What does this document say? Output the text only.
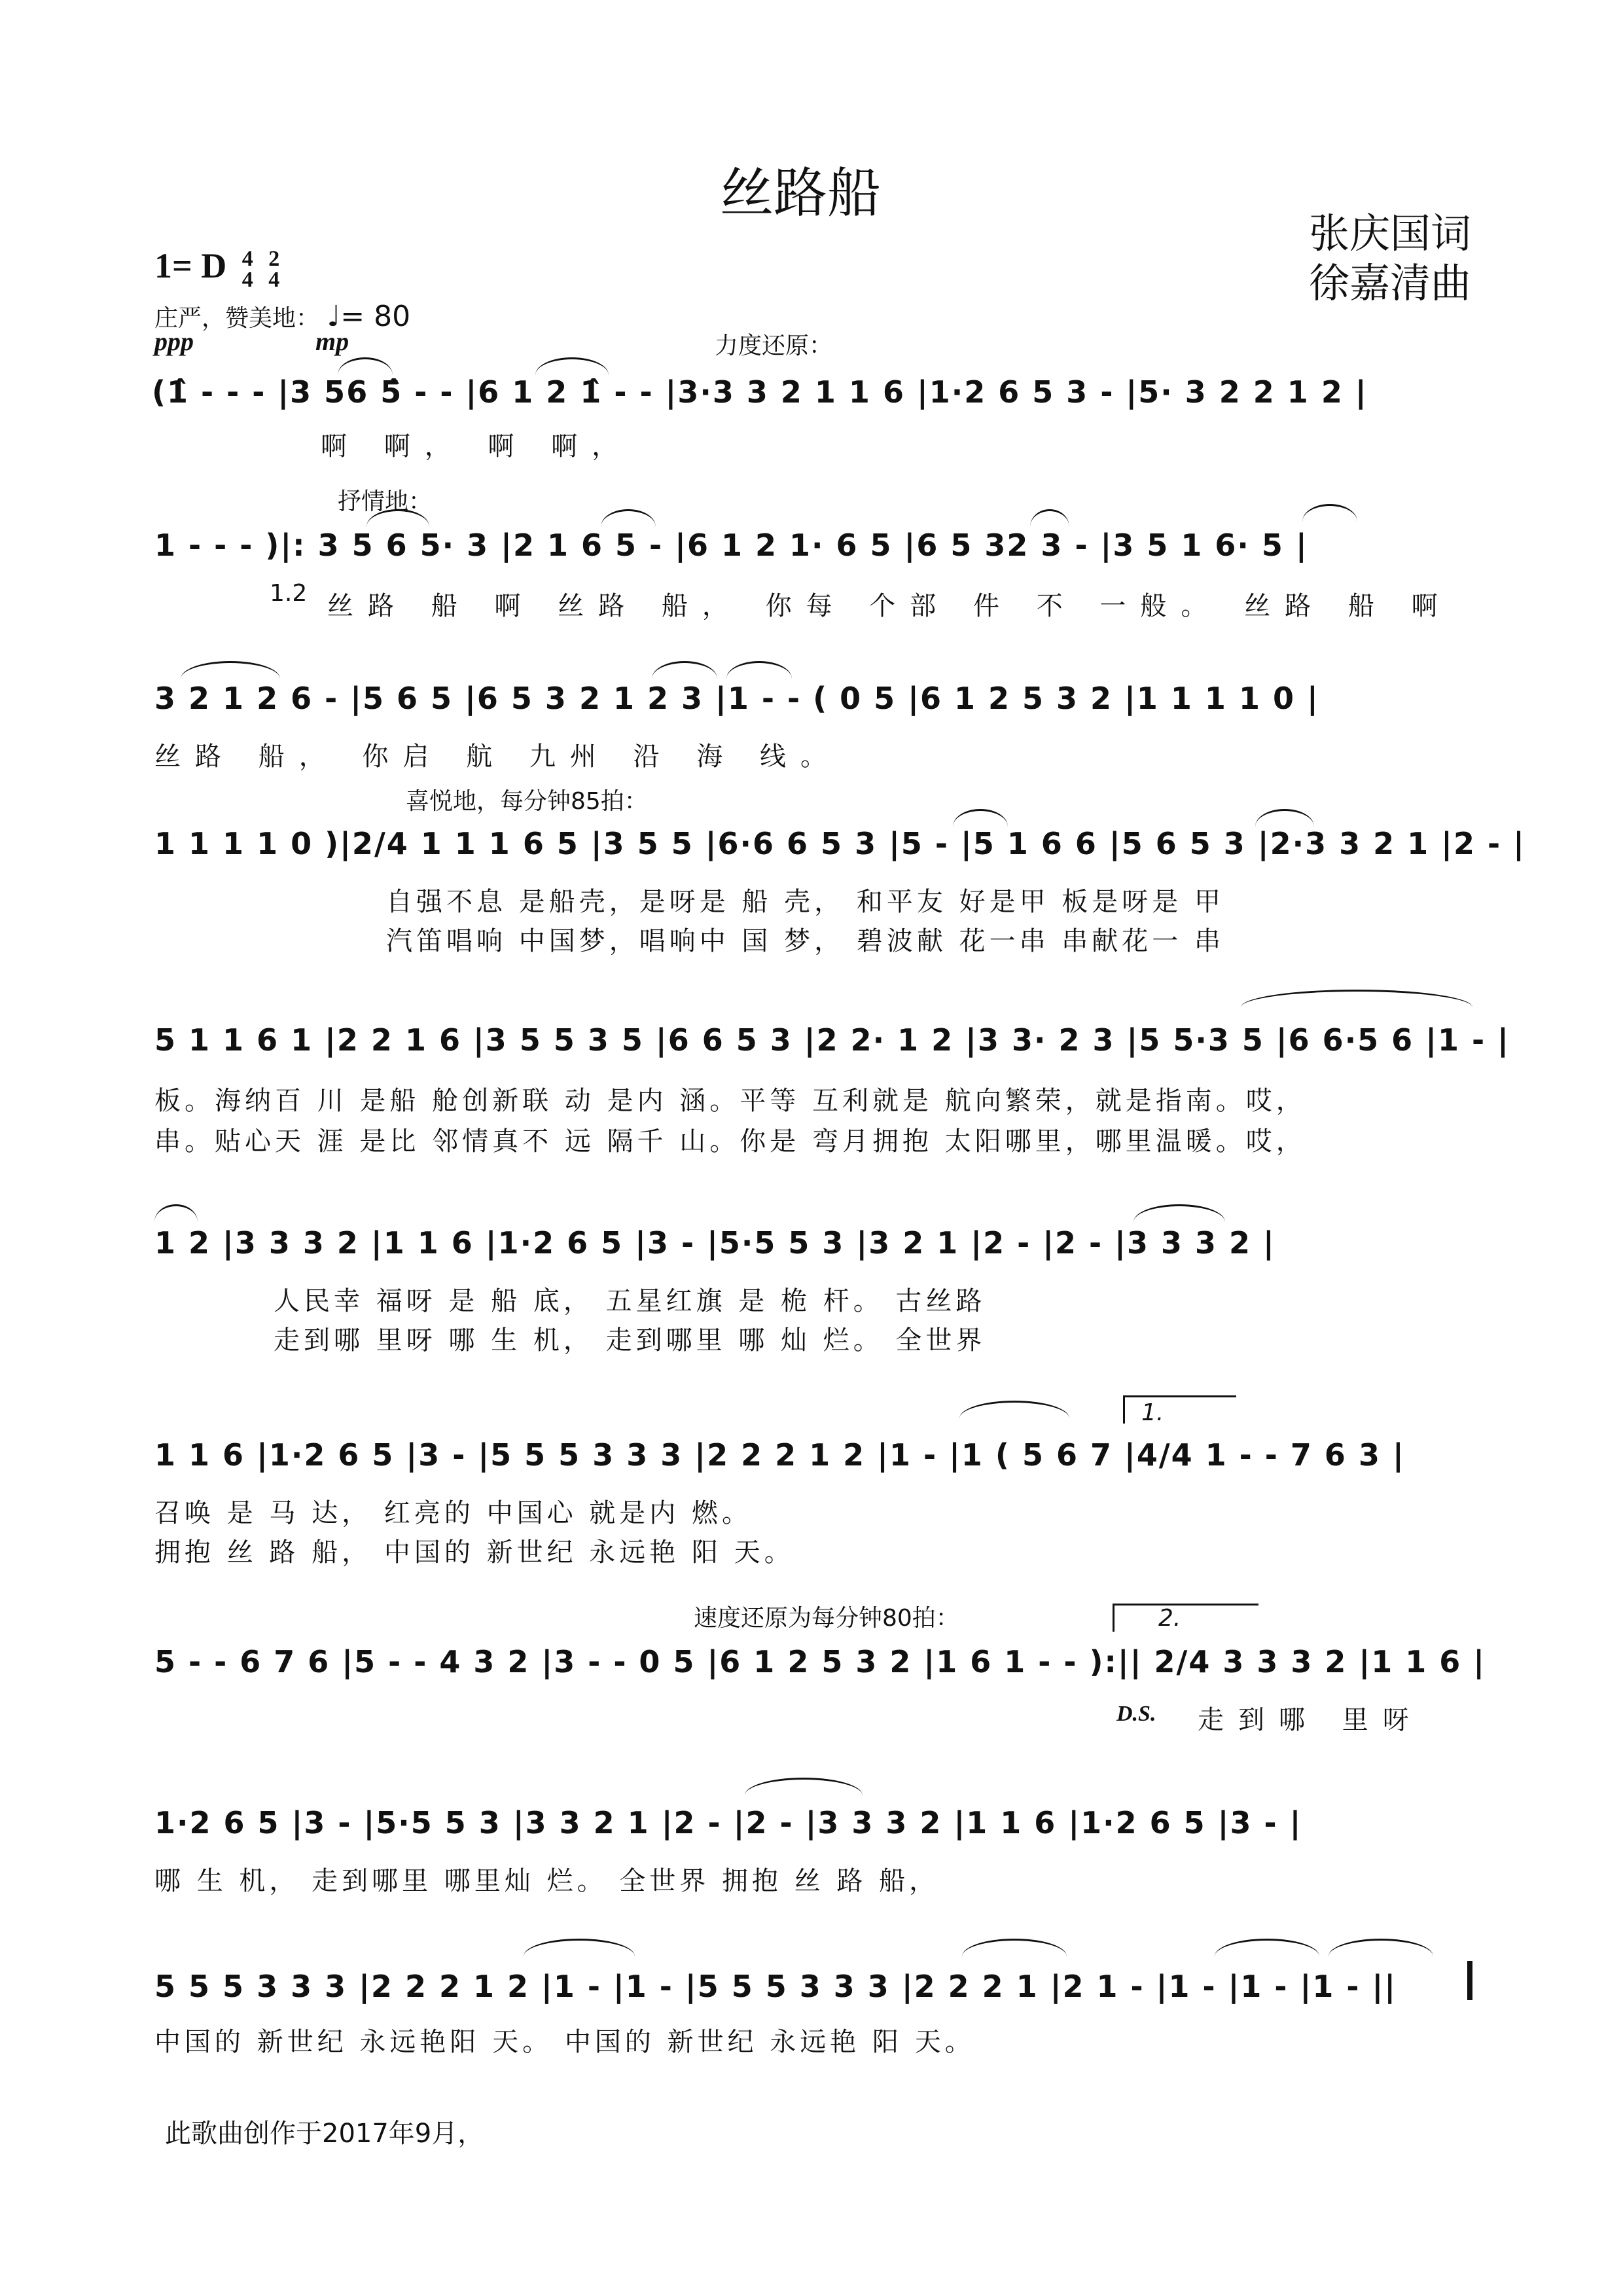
丝路船
张庆国词
徐嘉清曲
1= D 4
4 2
4
庄严，赞美地： ♩= 80
ppp	mp	力度还原：
(1̂ - - - |3 56 5̂ - - |6 1 2 1̂ - - |3·3 3 2 1 1 6 |1·2 6 5 3 - |5· 3 2 2 1 2 |
啊 啊， 啊 啊，
抒情地：
1 - - - )|: 3 5 6 5· 3 |2 1 6 5 - |6 1 2 1· 6 5 |6 5 32 3 - |3 5 1 6· 5 |
1.2 丝路 船 啊 丝路 船， 你每 个部 件 不 一般。 丝路 船 啊
3 2 1 2 6 - |5 6 5 |6 5 3 2 1 2 3 |1 - - ( 0 5 |6 1 2 5 3 2 |1 1 1 1 0 |
丝路 船， 你启 航 九州 沿 海 线。
喜悦地，每分钟85拍：
1 1 1 1 0 )|2/4 1 1 1 6 5 |3 5 5 |6·6 6 5 3 |5 - |5 1 6 6 |5 6 5 3 |2·3 3 2 1 |2 - |
自强不息 是船壳，是呀是 船 壳， 和平友 好是甲 板是呀是 甲
汽笛唱响 中国梦，唱响中 国 梦， 碧波献 花一串 串献花一 串
5 1 1 6 1 |2 2 1 6 |3 5 5 3 5 |6 6 5 3 |2 2· 1 2 |3 3· 2 3 |5 5·3 5 |6 6·5 6 |1 - |
板。海纳百 川 是船 舱创新联 动 是内 涵。平等 互利就是 航向繁荣，就是指南。哎，
串。贴心天 涯 是比 邻情真不 远 隔千 山。你是 弯月拥抱 太阳哪里，哪里温暖。哎，
1 2 |3 3 3 2 |1 1 6 |1·2 6 5 |3 - |5·5 5 3 |3 2 1 |2 - |2 - |3 3 3 2 |
人民幸 福呀 是 船 底， 五星红旗 是 桅 杆。 古丝路
走到哪 里呀 哪 生 机， 走到哪里 哪 灿 烂。 全世界
1 1 6 |1·2 6 5 |3 - |5 5 5 3 3 3 |2 2 2 1 2 |1 - |1 ( 5 6 7 |4/4 1 - - 7 6 3 |
召唤 是 马 达， 红亮的 中国心 就是内 燃。
拥抱 丝 路 船， 中国的 新世纪 永远艳 阳 天。
1.
速度还原为每分钟80拍：	2.
5 - - 6 7 6 |5 - - 4 3 2 |3 - - 0 5 |6 1 2 5 3 2 |1 6 1 - - ):|| 2/4 3 3 3 2 |1 1 6 |
D.S. 走到哪 里呀
1·2 6 5 |3 - |5·5 5 3 |3 3 2 1 |2 - |2 - |3 3 3 2 |1 1 6 |1·2 6 5 |3 - |
哪 生 机， 走到哪里 哪里灿 烂。 全世界 拥抱 丝 路 船，
5 5 5 3 3 3 |2 2 2 1 2 |1 - |1 - |5 5 5 3 3 3 |2 2 2 1 |2 1 - |1 - |1 - |1 - ||
中国的 新世纪 永远艳阳 天。 中国的 新世纪 永远艳 阳 天。
此歌曲创作于2017年9月，
